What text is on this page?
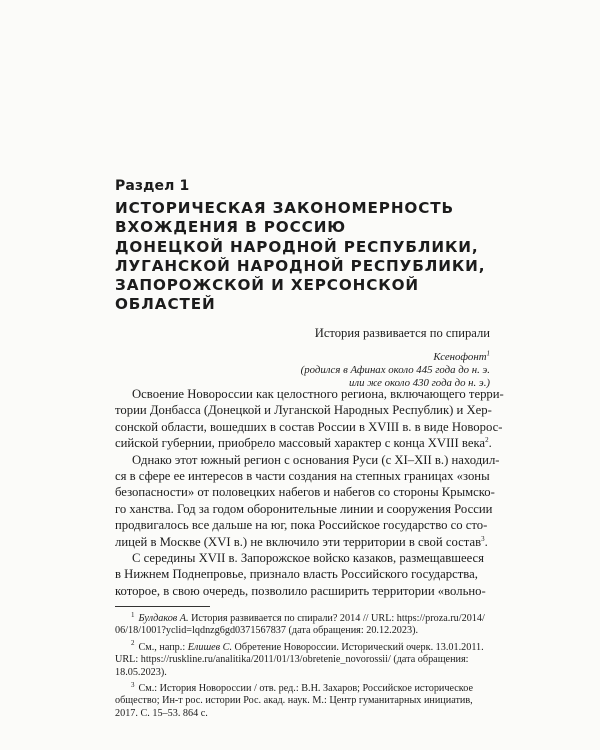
Раздел 1
ИСТОРИЧЕСКАЯ ЗАКОНОМЕРНОСТЬ
ВХОЖДЕНИЯ В РОССИЮ
ДОНЕЦКОЙ НАРОДНОЙ РЕСПУБЛИКИ,
ЛУГАНСКОЙ НАРОДНОЙ РЕСПУБЛИКИ,
ЗАПОРОЖСКОЙ И ХЕРСОНСКОЙ
ОБЛАСТЕЙ
История развивается по спирали
Ксенофонт$^1$
(родился в Афинах около 445 года до н. э.
или же около 430 года до н. э.)

Освоение Новороссии как целостного региона, включающего терри-
тории Донбасса (Донецкой и Луганской Народных Республик) и Хер-
сонской области, вошедших в состав России в XVIII в. в виде Новорос-
сийской губернии, приобрело массовый характер с конца XVIII века$^2$.

Однако этот южный регион с основания Руси (с XI–XII в.) находил-
ся в сфере ее интересов в части создания на степных границах «зоны
безопасности» от половецких набегов и набегов со стороны Крымско-
го ханства. Год за годом оборонительные линии и сооружения России
продвигалось все дальше на юг, пока Российское государство со сто-
лицей в Москве (XVI в.) не включило эти территории в свой состав$^3$.

С середины XVII в. Запорожское войско казаков, размещавшееся
в Нижнем Поднепровье, признало власть Российского государства,
которое, в свою очередь, позволило расширить территории «вольно-

$^1$ Булдаков А. История развивается по спирали? 2014 // URL: https://proza.ru/2014/
06/18/1001?yclid=lqdnzg6gd0371567837 (дата обращения: 20.12.2023).
$^2$ См., напр.: Елишев С. Обретение Новороссии. Исторический очерк. 13.01.2011.
URL: https://ruskline.ru/analitika/2011/01/13/obretenie_novorossii/ (дата обращения:
18.05.2023).
$^3$ См.: История Новороссии / отв. ред.: В.Н. Захаров; Российское историческое
общество; Ин-т рос. истории Рос. акад. наук. М.: Центр гуманитарных инициатив,
2017. С. 15–53. 864 с.
